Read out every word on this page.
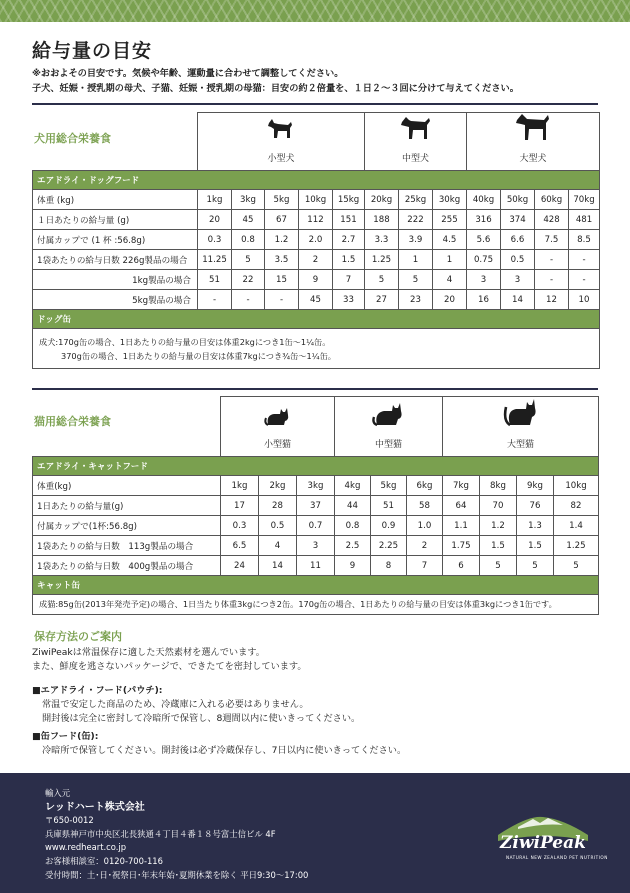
給与量の目安
※おおよその目安です。気候や年齢、運動量に合わせて調整してください。
子犬、妊娠・授乳期の母犬、子猫、妊娠・授乳期の母猫：目安の約２倍量を、１日２〜３回に分けて与えてください。
犬用総合栄養食

小型犬					中型犬			大型犬			
エアドライ・ドッグフード												
体重 (kg)	1kg	3kg	5kg	10kg	15kg	20kg	25kg	30kg	40kg	50kg	60kg	70kg
１日あたりの給与量 (g)	20	45	67	112	151	188	222	255	316	374	428	481
付属カップで (1 杯 :56.8g)	0.3	0.8	1.2	2.0	2.7	3.3	3.9	4.5	5.6	6.6	7.5	8.5
1袋あたりの給与日数 226g製品の場合	11.25	5	3.5	2	1.5	1.25	1	1	0.75	0.5	-	-
1kg製品の場合	51	22	15	9	7	5	5	4	3	3	-	-
5kg製品の場合	-	-	-	45	33	27	23	20	16	14	12	10
ドッグ缶												

成犬:170g缶の場合、1日あたりの給与量の目安は体重2kgにつき1缶〜1¼缶。
370g缶の場合、1日あたりの給与量の目安は体重7kgにつき¾缶〜1¼缶。												
猫用総合栄養食

小型猫			中型猫			大型猫			
エアドライ・キャットフード										
体重(kg)	1kg	2kg	3kg	4kg	5kg	6kg	7kg	8kg	9kg	10kg
1日あたりの給与量(g)	17	28	37	44	51	58	64	70	76	82
付属カップで(1杯:56.8g)	0.3	0.5	0.7	0.8	0.9	1.0	1.1	1.2	1.3	1.4
1袋あたりの給与日数　113g製品の場合	6.5	4	3	2.5	2.25	2	1.75	1.5	1.5	1.25
1袋あたりの給与日数　400g製品の場合	24	14	11	9	8	7	6	5	5	5
キャット缶										
成猫:85g缶(2013年発売予定)の場合、1日当たり体重3kgにつき2缶。170g缶の場合、1日あたりの給与量の目安は体重3kgにつき1缶です。										
保存方法のご案内
ZiwiPeakは常温保存に適した天然素材を選んでいます。
また、鮮度を逃さないパッケージで、できたてを密封しています。
■エアドライ・フード(パウチ):
常温で安定した商品のため、冷蔵庫に入れる必要はありません。
開封後は完全に密封して冷暗所で保管し、8週間以内に使いきってください。
■缶フード(缶):
冷暗所で保管してください。開封後は必ず冷蔵保存し、7日以内に使いきってください。
輸入元
レッドハート株式会社
〒650-0012
兵庫県神戸市中央区北長狭通４丁目４番１８号富士信ビル 4F
www.redheart.co.jp
お客様相談室：0120-700-116
受付時間：土･日･祝祭日･年末年始･夏期休業を除く 平日9:30〜17:00
ZiwiPeak
NATURAL NEW ZEALAND PET NUTRITION
